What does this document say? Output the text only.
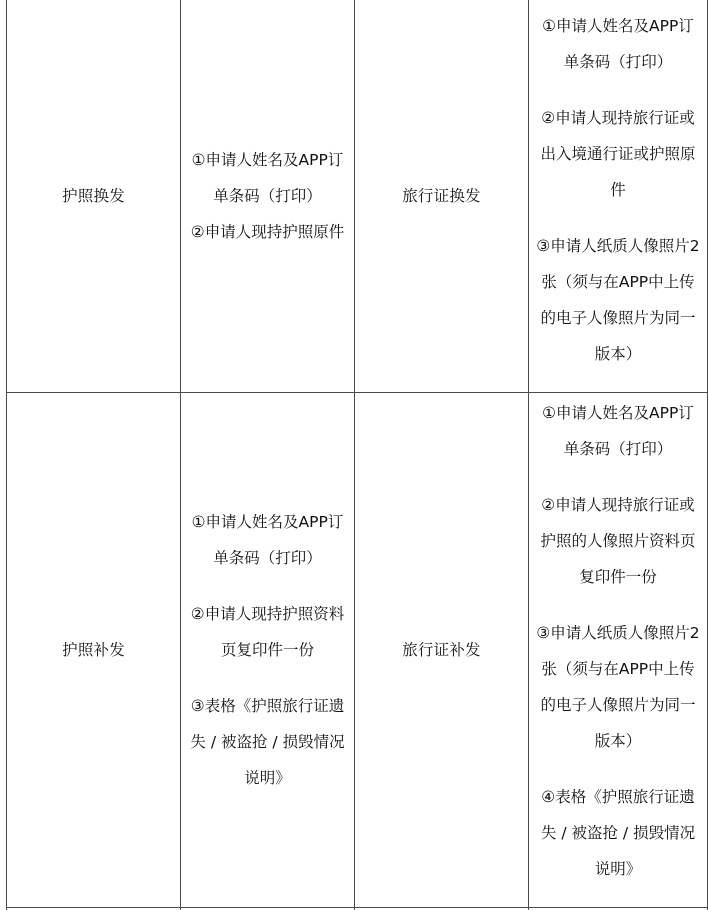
护照换发

①申请人姓名及APP订

单条码（打印）

②申请人现持护照原件

旅行证换发

①申请人姓名及APP订

单条码（打印）

②申请人现持旅行证或

出入境通行证或护照原

件

③申请人纸质人像照片2

张（须与在APP中上传

的电子人像照片为同一

版本）

护照补发

①申请人姓名及APP订

单条码（打印）

②申请人现持护照资料

页复印件一份

③表格《护照旅行证遗

失 / 被盗抢 / 损毁情况

说明》

旅行证补发

①申请人姓名及APP订

单条码（打印）

②申请人现持旅行证或

护照的人像照片资料页

复印件一份

③申请人纸质人像照片2

张（须与在APP中上传

的电子人像照片为同一

版本）

④表格《护照旅行证遗

失 / 被盗抢 / 损毁情况

说明》
